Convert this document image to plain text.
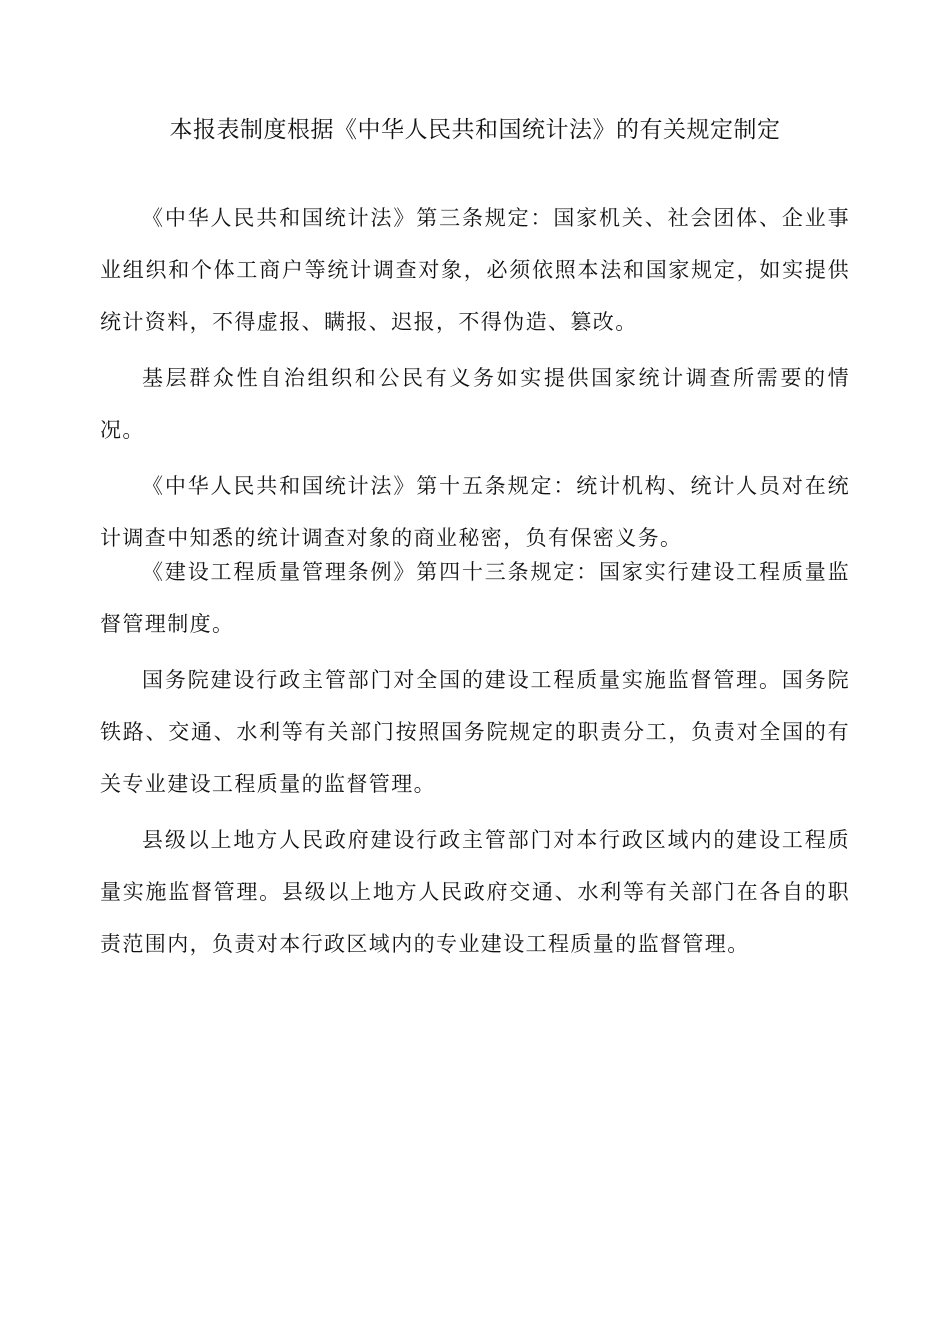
本报表制度根据《中华人民共和国统计法》的有关规定制定

《中华人民共和国统计法》第三条规定：国家机关、社会团体、企业事业组织和个体工商户等统计调查对象，必须依照本法和国家规定，如实提供统计资料，不得虚报、瞒报、迟报，不得伪造、篡改。

基层群众性自治组织和公民有义务如实提供国家统计调查所需要的情况。

《中华人民共和国统计法》第十五条规定：统计机构、统计人员对在统计调查中知悉的统计调查对象的商业秘密，负有保密义务。

《建设工程质量管理条例》第四十三条规定：国家实行建设工程质量监督管理制度。

国务院建设行政主管部门对全国的建设工程质量实施监督管理。国务院铁路、交通、水利等有关部门按照国务院规定的职责分工，负责对全国的有关专业建设工程质量的监督管理。

县级以上地方人民政府建设行政主管部门对本行政区域内的建设工程质量实施监督管理。县级以上地方人民政府交通、水利等有关部门在各自的职责范围内，负责对本行政区域内的专业建设工程质量的监督管理。
